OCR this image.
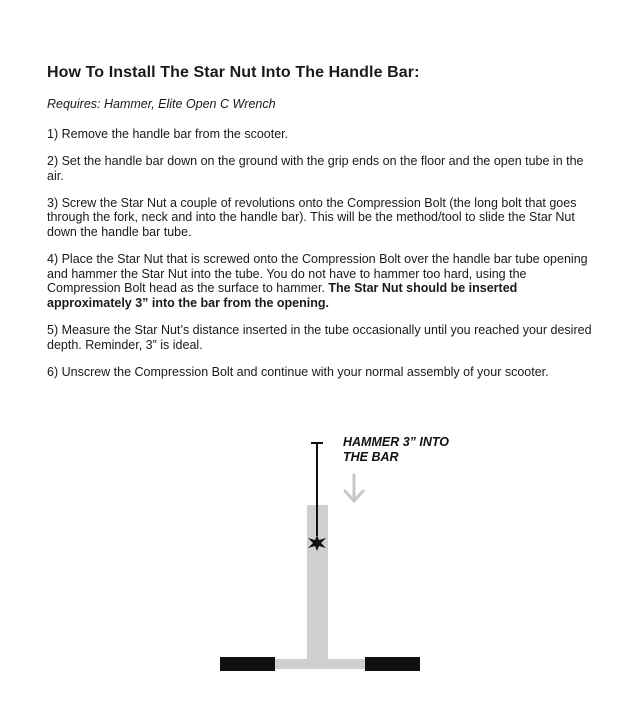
How To Install The Star Nut Into The Handle Bar:
Requires: Hammer, Elite Open C Wrench

1) Remove the handle bar from the scooter.

2) Set the handle bar down on the ground with the grip ends on the floor and the open tube in the air.

3) Screw the Star Nut a couple of revolutions onto the Compression Bolt (the long bolt that goes through the fork, neck and into the handle bar). This will be the method/tool to slide the Star Nut down the handle bar tube.

4) Place the Star Nut that is screwed onto the Compression Bolt over the handle bar tube opening and hammer the Star Nut into the tube. You do not have to hammer too hard, using the Compression Bolt head as the surface to hammer. The Star Nut should be inserted approximately 3” into the bar from the opening.

5) Measure the Star Nut’s distance inserted in the tube occasionally until you reached your desired depth. Reminder, 3” is ideal.

6) Unscrew the Compression Bolt and continue with your normal assembly of your scooter.

HAMMER 3” INTO
THE BAR
